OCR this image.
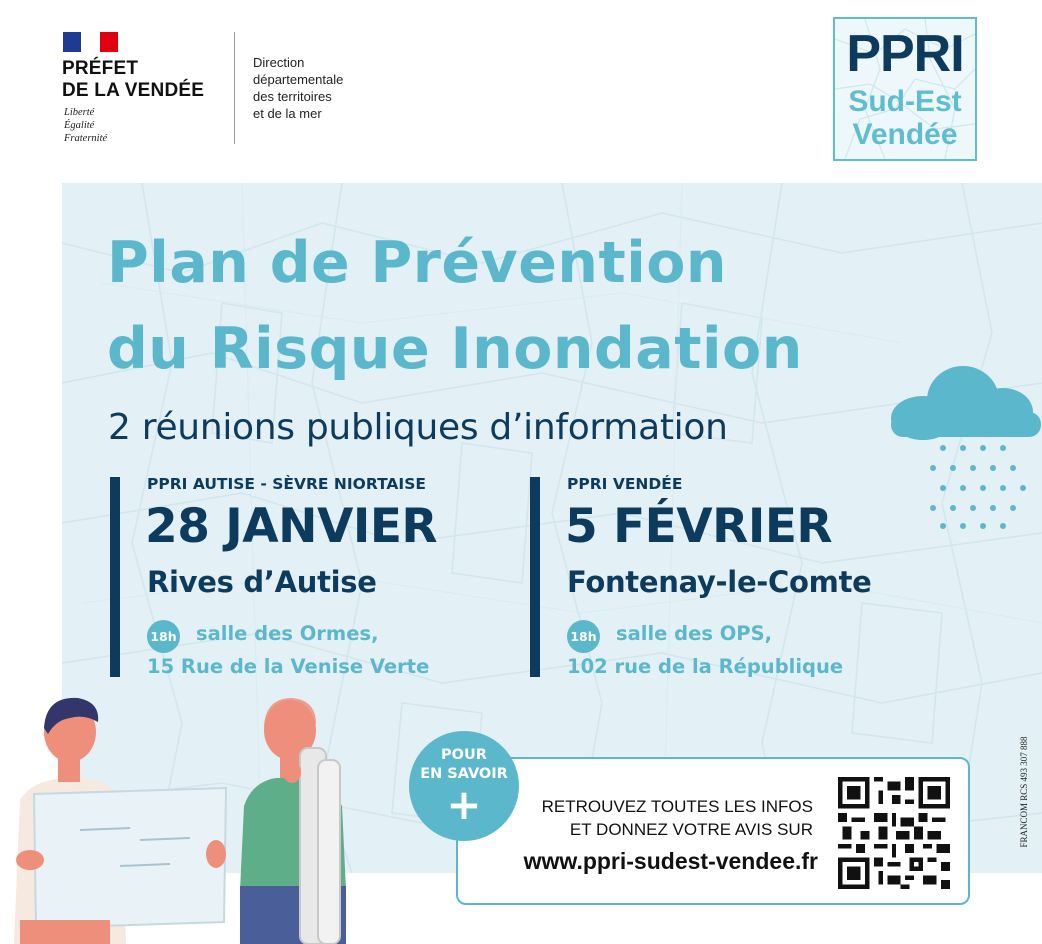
PRÉFET
DE LA VENDÉE
Liberté
Égalité
Fraternité
Direction
départementale
des territoires
et de la mer
PPRI
Sud-Est
Vendée
Plan de Prévention
du Risque Inondation
2 réunions publiques d’information
PPRI AUTISE - SÈVRE NIORTAISE
28 JANVIER
Rives d’Autise
18h salle des Ormes,
15 Rue de la Venise Verte
PPRI VENDÉE
5 FÉVRIER
Fontenay-le-Comte
18h salle des OPS,
102 rue de la République
RETROUVEZ TOUTES LES INFOS
ET DONNEZ VOTRE AVIS SUR
www.ppri-sudest-vendee.fr
POUR
EN SAVOIR
+	FRANCOM RCS 493 307 888
